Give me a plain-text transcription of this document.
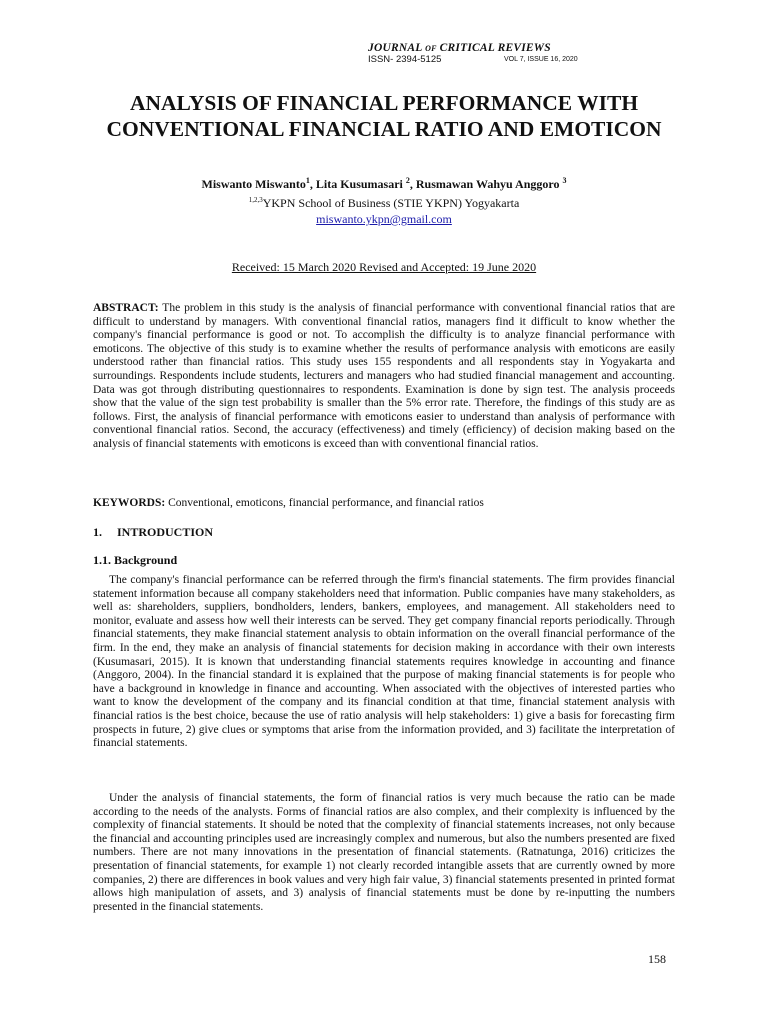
JOURNAL OF CRITICAL REVIEWS
ISSN- 2394-5125	VOL 7, ISSUE 16, 2020
ANALYSIS OF FINANCIAL PERFORMANCE WITH CONVENTIONAL FINANCIAL RATIO AND EMOTICON
Miswanto Miswanto$^1$, Lita Kusumasari $^2$, Rusmawan Wahyu Anggoro $^3$
$^{1,2,3}$YKPN School of Business (STIE YKPN) Yogyakarta
miswanto.ykpn@gmail.com
Received: 15 March 2020 Revised and Accepted: 19 June 2020

ABSTRACT: The problem in this study is the analysis of financial performance with conventional financial ratios that are difficult to understand by managers. With conventional financial ratios, managers find it difficult to know whether the company's financial performance is good or not. To accomplish the difficulty is to analyze financial performance with emoticons. The objective of this study is to examine whether the results of performance analysis with emoticons are easily understood rather than financial ratios. This study uses 155 respondents and all respondents stay in Yogyakarta and surroundings. Respondents include students, lecturers and managers who had studied financial management and accounting. Data was got through distributing questionnaires to respondents. Examination is done by sign test. The analysis proceeds show that the value of the sign test probability is smaller than the 5% error rate. Therefore, the findings of this study are as follows. First, the analysis of financial performance with emoticons easier to understand than analysis of performance with conventional financial ratios. Second, the accuracy (effectiveness) and timely (efficiency) of decision making based on the analysis of financial statements with emoticons is exceed than with conventional financial ratios.

KEYWORDS: Conventional, emoticons, financial performance, and financial ratios

1. INTRODUCTION
1.1. Background

The company's financial performance can be referred through the firm's financial statements. The firm provides financial statement information because all company stakeholders need that information. Public companies have many stakeholders, as well as: shareholders, suppliers, bondholders, lenders, bankers, employees, and management. All stakeholders need to monitor, evaluate and assess how well their interests can be served. They get company financial reports periodically. Through financial statements, they make financial statement analysis to obtain information on the overall financial performance of the firm. In the end, they make an analysis of financial statements for decision making in accordance with their own interests (Kusumasari, 2015). It is known that understanding financial statements requires knowledge in accounting and finance (Anggoro, 2004). In the financial standard it is explained that the purpose of making financial statements is for people who have a background in knowledge in finance and accounting. When associated with the objectives of interested parties who want to know the development of the company and its financial condition at that time, financial statement analysis with financial ratios is the best choice, because the use of ratio analysis will help stakeholders: 1) give a basis for forecasting firm prospects in future, 2) give clues or symptoms that arise from the information provided, and 3) facilitate the interpretation of financial statements.

Under the analysis of financial statements, the form of financial ratios is very much because the ratio can be made according to the needs of the analysts. Forms of financial ratios are also complex, and their complexity is influenced by the complexity of financial statements. It should be noted that the complexity of financial statements increases, not only because the financial and accounting principles used are increasingly complex and numerous, but also the numbers presented are fixed numbers. There are not many innovations in the presentation of financial statements. (Ratnatunga, 2016) criticizes the presentation of financial statements, for example 1) not clearly recorded intangible assets that are currently owned by more companies, 2) there are differences in book values and very high fair value, 3) financial statements presented in printed format allows high manipulation of assets, and 3) analysis of financial statements must be done by re-inputting the numbers presented in the financial statements.

158
